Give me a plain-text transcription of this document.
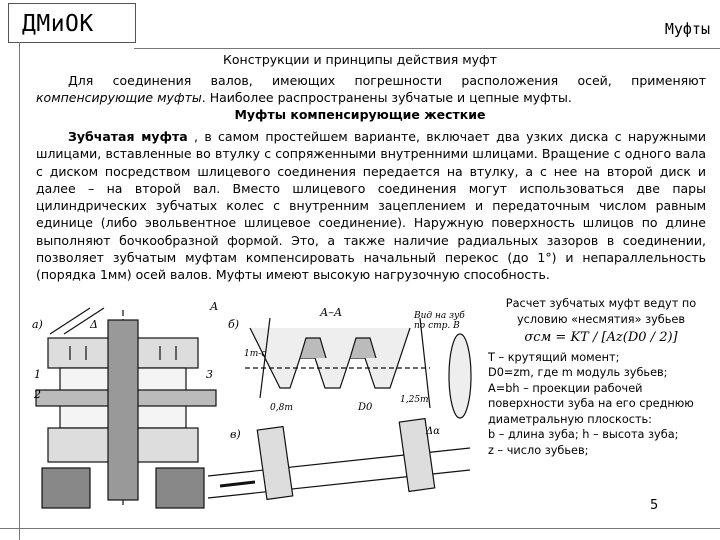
ДМиОК	Муфты
Конструкции и принципы действия муфт
Для соединения валов, имеющих погрешности расположения осей, применяют компенсирующие муфты. Наиболее распространены зубчатые и цепные муфты.
Муфты компенсирующие жесткие
Зубчатая муфта , в самом простейшем варианте, включает два узких диска с наружными шлицами, вставленные во втулку с сопряженными внутренними шлицами. Вращение с одного вала с диском посредством шлицевого соединения передается на втулку, а с нее на второй диск и далее – на второй вал. Вместо шлицевого соединения могут использоваться две пары цилиндрических зубчатых колес с внутренним зацеплением и передаточным числом равным единице (либо эвольвентное шлицевое соединение). Наружную поверхность шлицов по длине выполняют бочкообразной формой. Это, а также наличие радиальных зазоров в соединении, позволяет зубчатым муфтам компенсировать начальный перекос (до 1°) и непараллельность (порядка 1мм) осей валов. Муфты имеют высокую нагрузочную способность.
а)	б)
в)
А–А
А
Δ
1
2
3
Вид на зуб
по стр. В
1m-c
0,8m
1,25m
D0
Δα
Расчет зубчатых муфт ведут по условию «несмятия» зубьев
σсм = KT / [Az(D0 / 2)]
T – крутящий момент;
D0=zm, где m модуль зубьев;
A=bh – проекции рабочей поверхности зуба на его среднюю диаметральную плоскость:
b – длина зуба; h – высота зуба;
z – число зубьев;
5
